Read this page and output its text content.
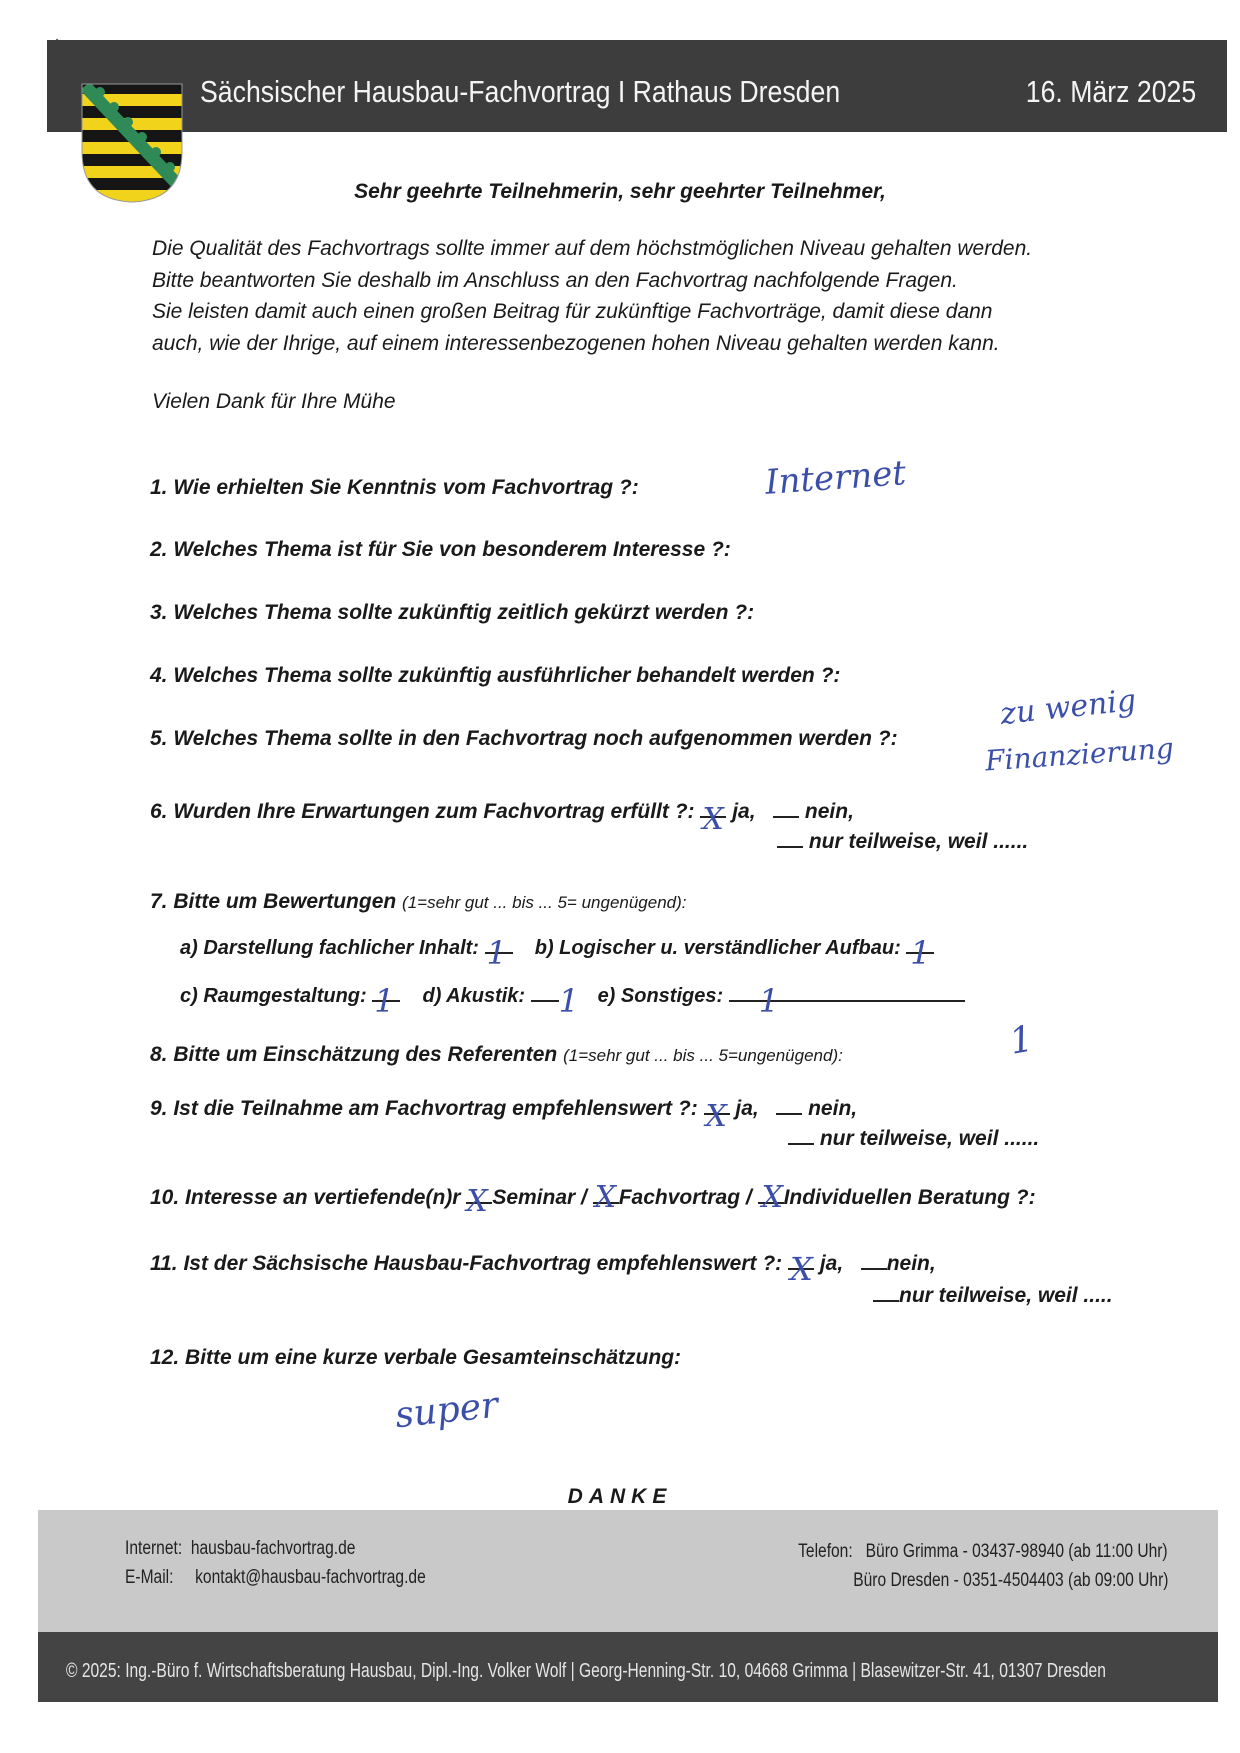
Sächsischer Hausbau-Fachvortrag I Rathaus Dresden	16. März 2025
Sehr geehrte Teilnehmerin, sehr geehrter Teilnehmer,

Die Qualität des Fachvortrags sollte immer auf dem höchstmöglichen Niveau gehalten werden.

Bitte beantworten Sie deshalb im Anschluss an den Fachvortrag nachfolgende Fragen.

Sie leisten damit auch einen großen Beitrag für zukünftige Fachvorträge, damit diese dann

auch, wie der Ihrige, auf einem interessenbezogenen hohen Niveau gehalten werden kann.

Vielen Dank für Ihre Mühe
1. Wie erhielten Sie Kenntnis vom Fachvortrag ?:	Internet
2. Welches Thema ist für Sie von besonderem Interesse ?:
3. Welches Thema sollte zukünftig zeitlich gekürzt werden ?:
4. Welches Thema sollte zukünftig ausführlicher behandelt werden ?:
5. Welches Thema sollte in den Fachvortrag noch aufgenommen werden ?:
zu wenig
Finanzierung
6. Wurden Ihre Erwartungen zum Fachvortrag erfüllt ?: X ja, nein,
nur teilweise, weil ......
7. Bitte um Bewertungen (1=sehr gut ... bis ... 5= ungenügend):
a) Darstellung fachlicher Inhalt: 1 b) Logischer u. verständlicher Aufbau: 1
c) Raumgestaltung: 1 d) Akustik: 1 e) Sonstiges: 1
8. Bitte um Einschätzung des Referenten (1=sehr gut ... bis ... 5=ungenügend):	1
9. Ist die Teilnahme am Fachvortrag empfehlenswert ?: X ja, nein,
nur teilweise, weil ......
10. Interesse an vertiefende(n)r X Seminar / X Fachvortrag / X Individuellen Beratung ?:
11. Ist der Sächsische Hausbau-Fachvortrag empfehlenswert ?: X ja, nein,
nur teilweise, weil .....
12. Bitte um eine kurze verbale Gesamteinschätzung:
super
DANKE
Internet: hausbau-fachvortrag.de
E-Mail: kontakt@hausbau-fachvortrag.de
Telefon: Büro Grimma - 03437-98940 (ab 11:00 Uhr)
Büro Dresden - 0351-4504403 (ab 09:00 Uhr)
© 2025: Ing.-Büro f. Wirtschaftsberatung Hausbau, Dipl.-Ing. Volker Wolf | Georg-Henning-Str. 10, 04668 Grimma | Blasewitzer-Str. 41, 01307 Dresden
